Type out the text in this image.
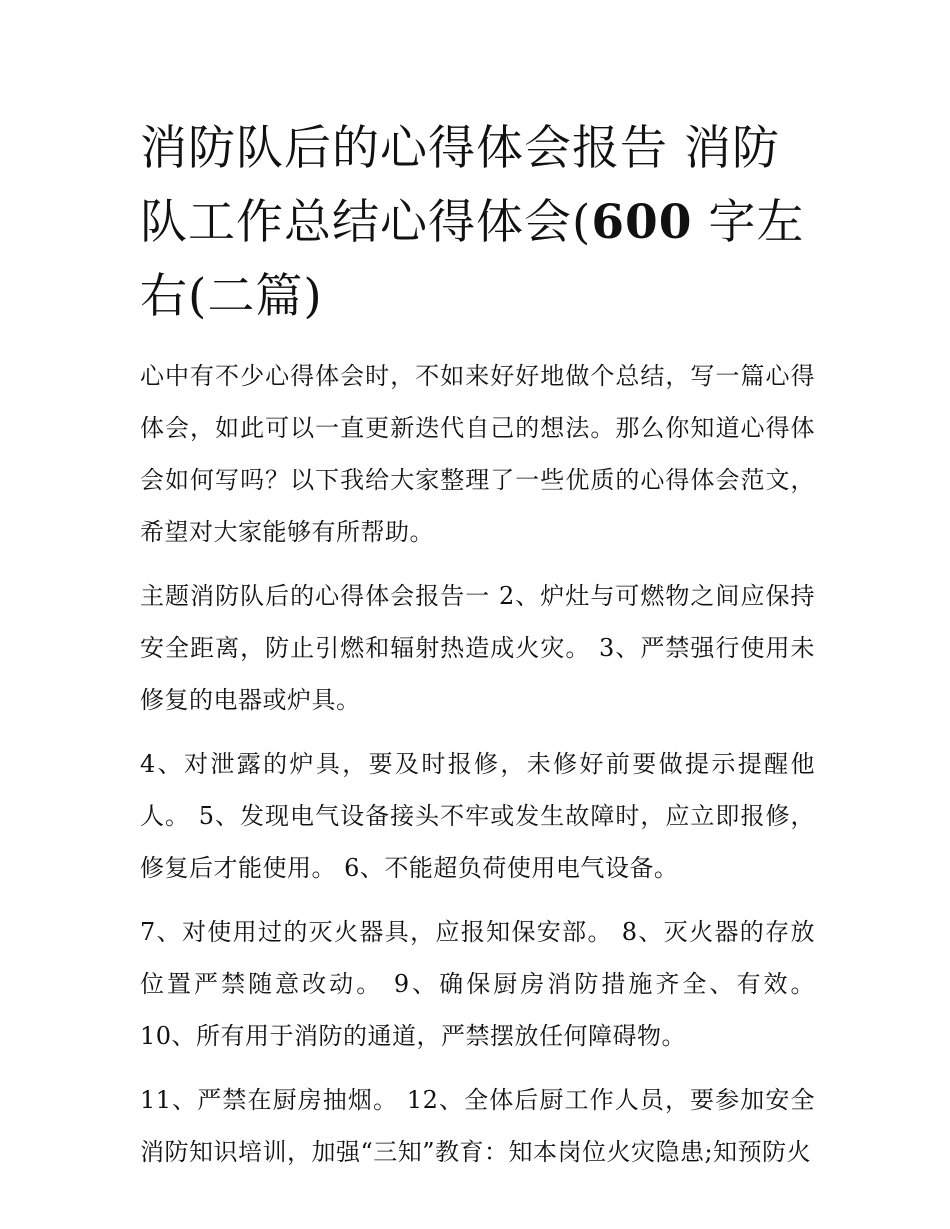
消防队后的心得体会报告 消防队工作总结心得体会(600 字左右(二篇)

心中有不少心得体会时，不如来好好地做个总结，写一篇心得体会，如此可以一直更新迭代自己的想法。那么你知道心得体会如何写吗？以下我给大家整理了一些优质的心得体会范文，希望对大家能够有所帮助。

主题消防队后的心得体会报告一 2、炉灶与可燃物之间应保持安全距离，防止引燃和辐射热造成火灾。 3、严禁强行使用未修复的电器或炉具。

4、对泄露的炉具，要及时报修，未修好前要做提示提醒他人。 5、发现电气设备接头不牢或发生故障时，应立即报修，修复后才能使用。 6、不能超负荷使用电气设备。

7、对使用过的灭火器具，应报知保安部。 8、灭火器的存放位置严禁随意改动。 9、确保厨房消防措施齐全、有效。 10、所有用于消防的通道，严禁摆放任何障碍物。

11、严禁在厨房抽烟。 12、全体后厨工作人员，要参加安全消防知识培训，加强“三知”教育：知本岗位火灾隐患;知预防火
